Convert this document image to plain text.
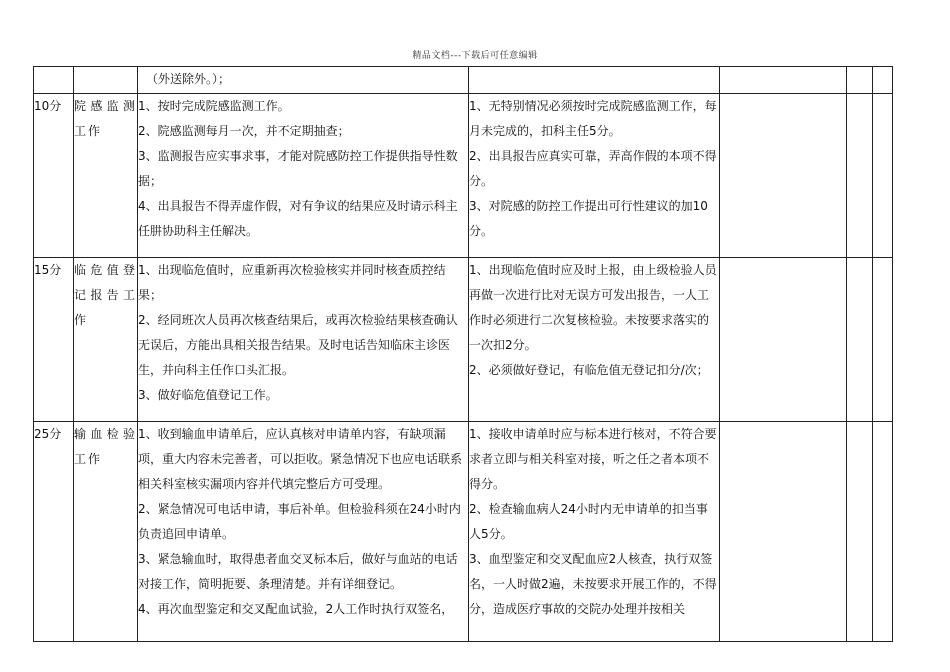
精品文档---下载后可任意编辑

		（外送除外。）；				

10分	院感监测工作	1、按时完成院感监测工作。
2、院感监测每月一次，并不定期抽查；
3、监测报告应实事求事，才能对院感防控工作提供指导性数据；
4、出具报告不得弄虚作假，对有争议的结果应及时请示科主任肼协助科主任解决。	1、无特别情况必须按时完成院感监测工作，每月未完成的，扣科主任5分。
2、出具报告应真实可靠，弄高作假的本项不得分。
3、对院感的防控工作提出可行性建议的加10分。			

15分	临危值登记报告工作	1、出现临危值时，应重新再次检验核实并同时核查质控结果；
2、经同班次人员再次核查结果后，或再次检验结果核查确认无误后，方能出具相关报告结果。及时电话告知临床主诊医生，并向科主任作口头汇报。
3、做好临危值登记工作。	1、出现临危值时应及时上报，由上级检验人员再做一次进行比对无误方可发出报告，一人工作时必须进行二次复核检验。未按要求落实的一次扣2分。
2、必须做好登记，有临危值无登记扣分/次；			

25分	输血检验工作	1、收到输血申请单后，应认真核对申请单内容，有缺项漏项，重大内容未完善者，可以拒收。紧急情况下也应电话联系相关科室核实漏项内容并代填完整后方可受理。
2、紧急情况可电话申请，事后补单。但检验科须在24小时内负责追回申请单。
3、紧急输血时，取得患者血交叉标本后，做好与血站的电话对接工作，简明扼要、条理清楚。并有详细登记。
4、再次血型鉴定和交叉配血试验，2人工作时执行双签名，	1、接收申请单时应与标本进行核对，不符合要求者立即与相关科室对接，听之任之者本项不得分。
2、检查输血病人24小时内无申请单的扣当事人5分。
3、血型鉴定和交叉配血应2人核查，执行双签名，一人时做2遍，未按要求开展工作的，不得分，造成医疗事故的交院办处理并按相关			
